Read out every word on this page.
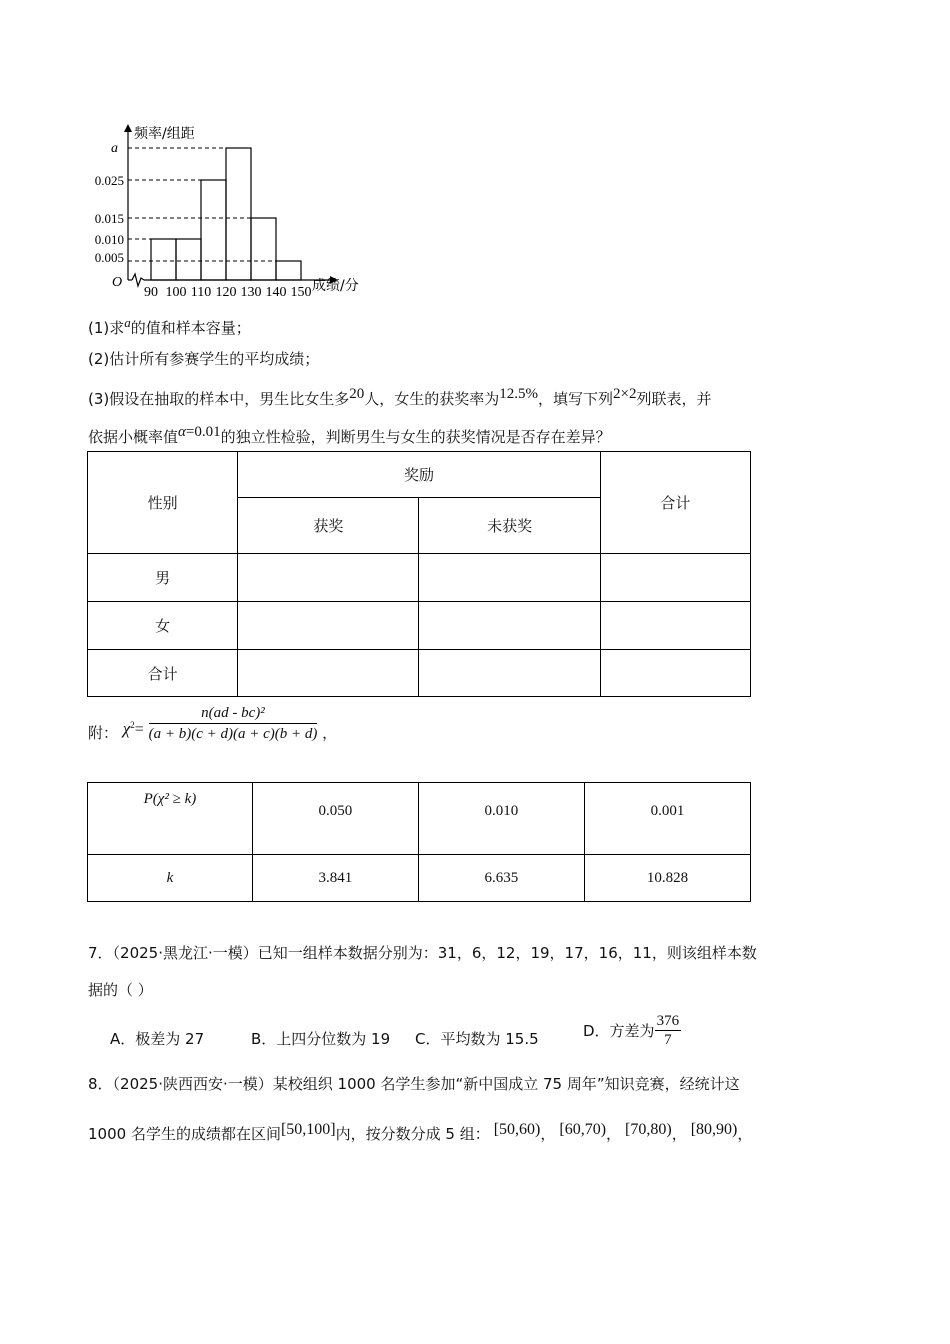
频率/组距
a
0.025
0.015
0.010
0.005
O
90 100 110 120 130 140 150 成绩/分
(1)求$^a$的值和样本容量；
(2)估计所有参赛学生的平均成绩；
(3)假设在抽取的样本中，男生比女生多$^{20}$人，女生的获奖率为$^{12.5\%}$，填写下列$^{2\times 2}$列联表，并
依据小概率值$^{\alpha=0.01}$的独立性检验，判断男生与女生的获奖情况是否存在差异？
性别	奖励		合计
	获奖	未获奖	
男			
女			
合计			
附： $\chi^2= \frac{\text{n(ad - bc)²}}{(a + b)(c + d)(a + c)(b + d)}$ ，
P(χ² ≥ k)	0.050	0.010	0.001
k	3.841	6.635	10.828
7．（2025·黑龙江·一模）已知一组样本数据分别为：31，6，12，19，17，16，11，则该组样本数
据的（ ）
A．极差为 27	B．上四分位数为 19 C．平均数为 15.5	D．方差为 $\frac{376}{7}$
8．（2025·陕西西安·一模）某校组织 1000 名学生参加“新中国成立 75 周年”知识竞赛，经统计这
1000 名学生的成绩都在区间[50,100]内，按分数分成 5 组： [50,60)， [60,70)， [70,80)， [80,90)，
